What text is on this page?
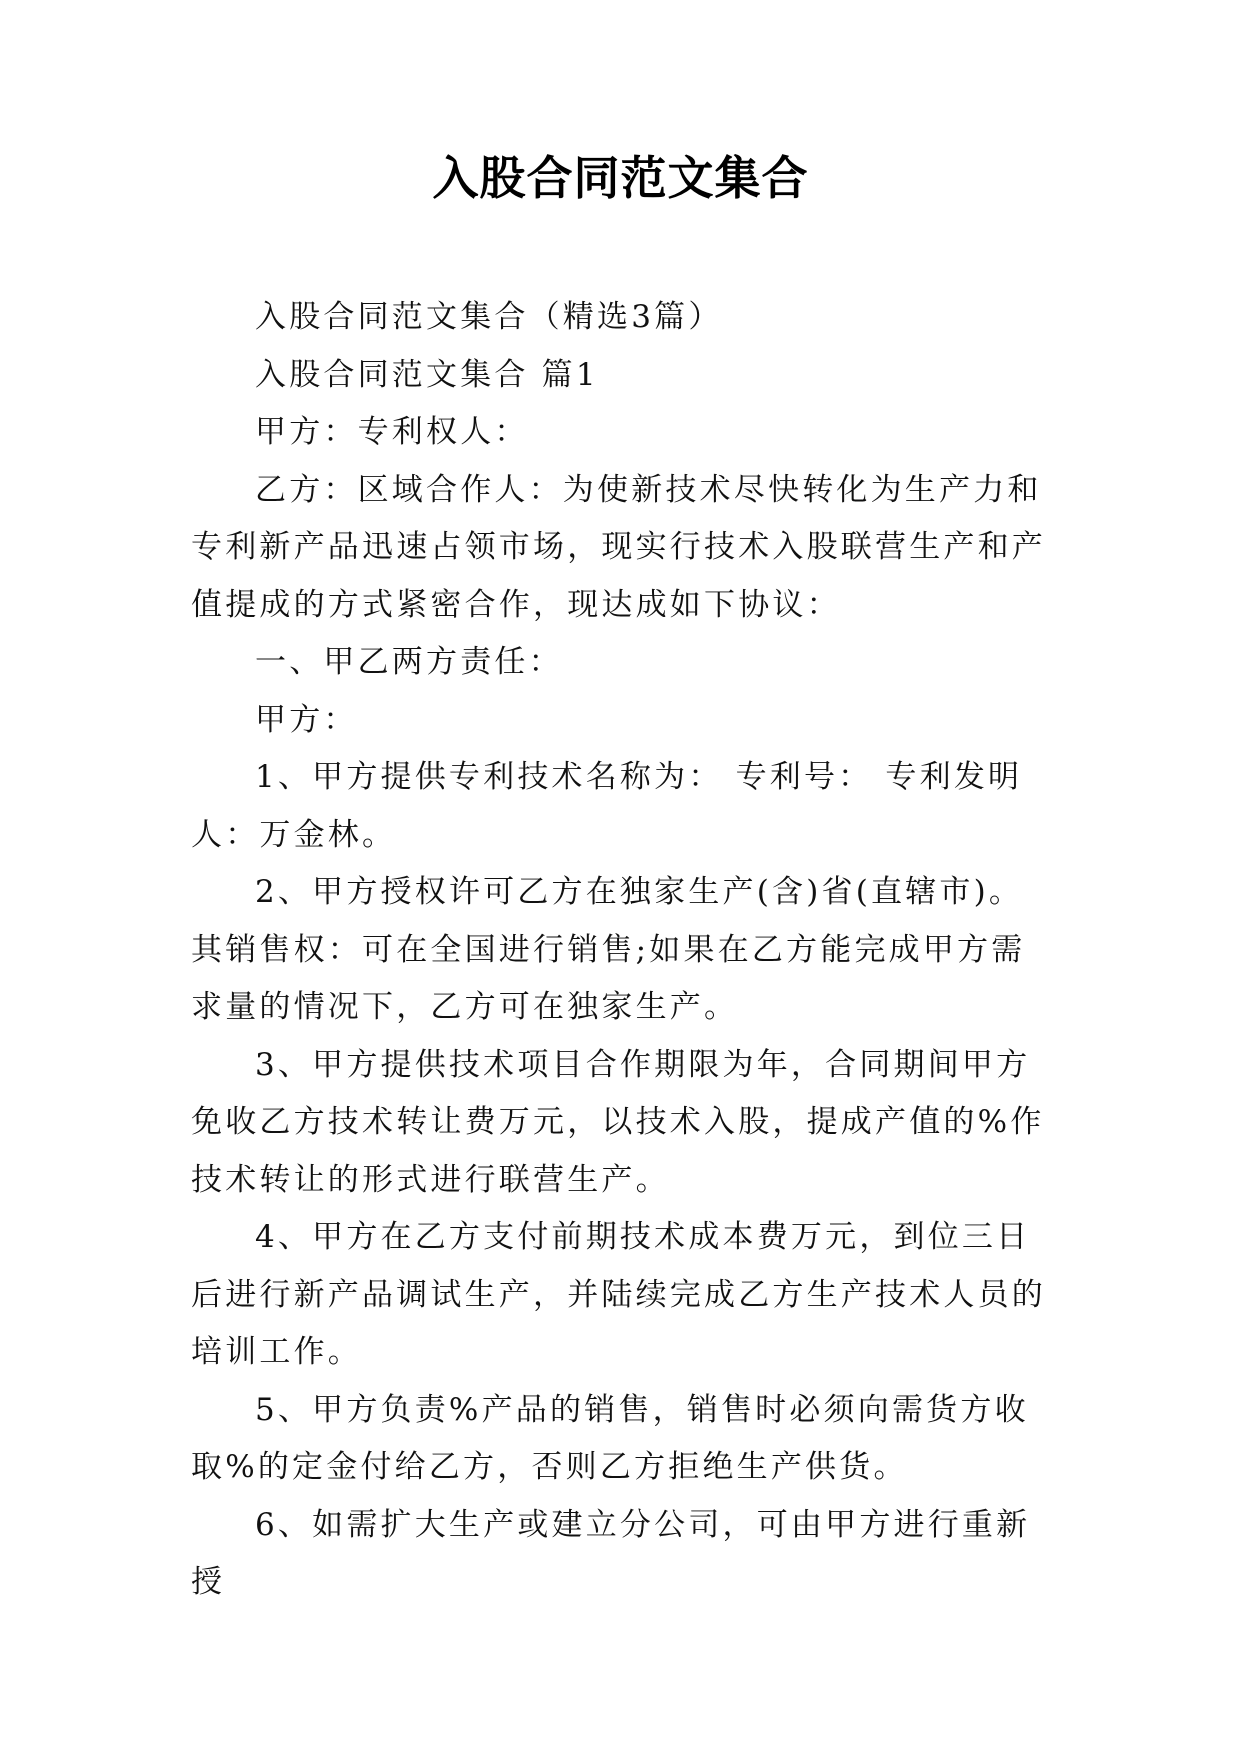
入股合同范文集合

入股合同范文集合（精选3篇）

入股合同范文集合 篇1

甲方：专利权人：

乙方：区域合作人：为使新技术尽快转化为生产力和专利新产品迅速占领市场，现实行技术入股联营生产和产值提成的方式紧密合作，现达成如下协议：

一、甲乙两方责任：

甲方：

1、甲方提供专利技术名称为： 专利号： 专利发明人：万金林。

2、甲方授权许可乙方在独家生产(含)省(直辖市)。其销售权：可在全国进行销售;如果在乙方能完成甲方需求量的情况下，乙方可在独家生产。

3、甲方提供技术项目合作期限为年，合同期间甲方免收乙方技术转让费万元，以技术入股，提成产值的%作技术转让的形式进行联营生产。

4、甲方在乙方支付前期技术成本费万元，到位三日后进行新产品调试生产，并陆续完成乙方生产技术人员的培训工作。

5、甲方负责%产品的销售，销售时必须向需货方收取%的定金付给乙方，否则乙方拒绝生产供货。

6、如需扩大生产或建立分公司，可由甲方进行重新授
